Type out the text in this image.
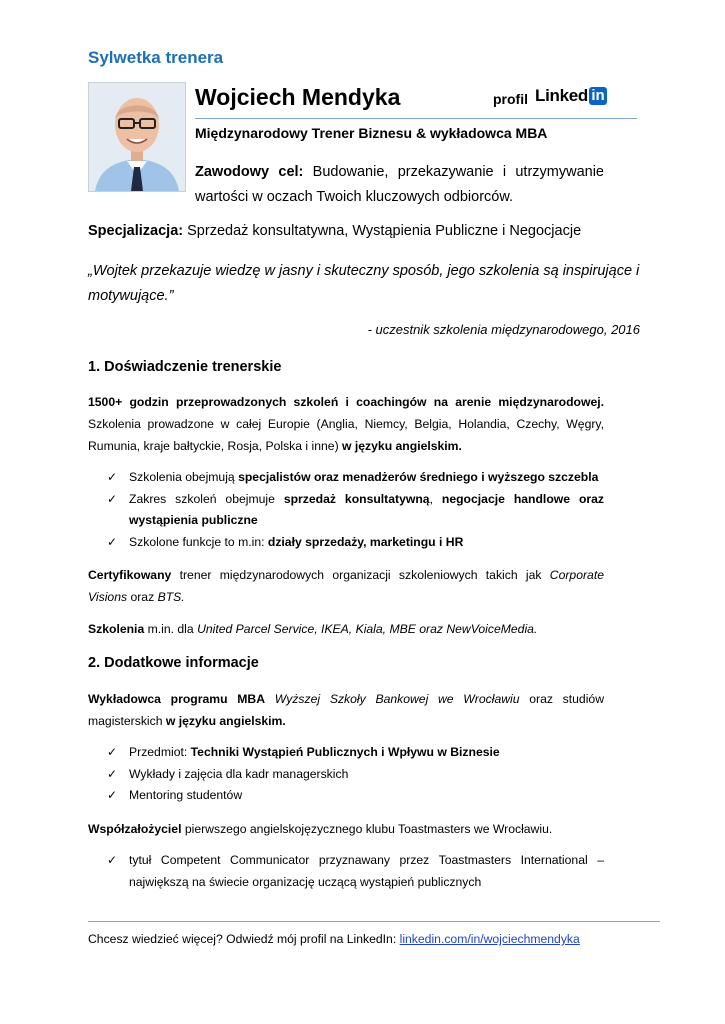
Sylwetka trenera
Wojciech Mendyka	profil Linked in
Międzynarodowy Trener Biznesu & wykładowca MBA

Zawodowy cel: Budowanie, przekazywanie i utrzymywanie wartości w oczach Twoich kluczowych odbiorców.

Specjalizacja: Sprzedaż konsultatywna, Wystąpienia Publiczne i Negocjacje

„Wojtek przekazuje wiedzę w jasny i skuteczny sposób, jego szkolenia są inspirujące i motywujące.”

- uczestnik szkolenia międzynarodowego, 2016
1. Doświadczenie trenerskie

1500+ godzin przeprowadzonych szkoleń i coachingów na arenie międzynarodowej. Szkolenia prowadzone w całej Europie (Anglia, Niemcy, Belgia, Holandia, Czechy, Węgry, Rumunia, kraje bałtyckie, Rosja, Polska i inne) w języku angielskim.

✓ Szkolenia obejmują specjalistów oraz menadżerów średniego i wyższego szczebla
✓ Zakres szkoleń obejmuje sprzedaż konsultatywną, negocjacje handlowe oraz wystąpienia publiczne
✓ Szkolone funkcje to m.in: działy sprzedaży, marketingu i HR

Certyfikowany trener międzynarodowych organizacji szkoleniowych takich jak Corporate Visions oraz BTS.

Szkolenia m.in. dla United Parcel Service, IKEA, Kiala, MBE oraz NewVoiceMedia.

2. Dodatkowe informacje

Wykładowca programu MBA Wyższej Szkoły Bankowej we Wrocławiu oraz studiów magisterskich w języku angielskim.

✓ Przedmiot: Techniki Wystąpień Publicznych i Wpływu w Biznesie
✓ Wykłady i zajęcia dla kadr managerskich
✓ Mentoring studentów

Współzałożyciel pierwszego angielskojęzycznego klubu Toastmasters we Wrocławiu.

✓ tytuł Competent Communicator przyznawany przez Toastmasters International – największą na świecie organizację uczącą wystąpień publicznych
Chcesz wiedzieć więcej? Odwiedź mój profil na LinkedIn: linkedin.com/in/wojciechmendyka
